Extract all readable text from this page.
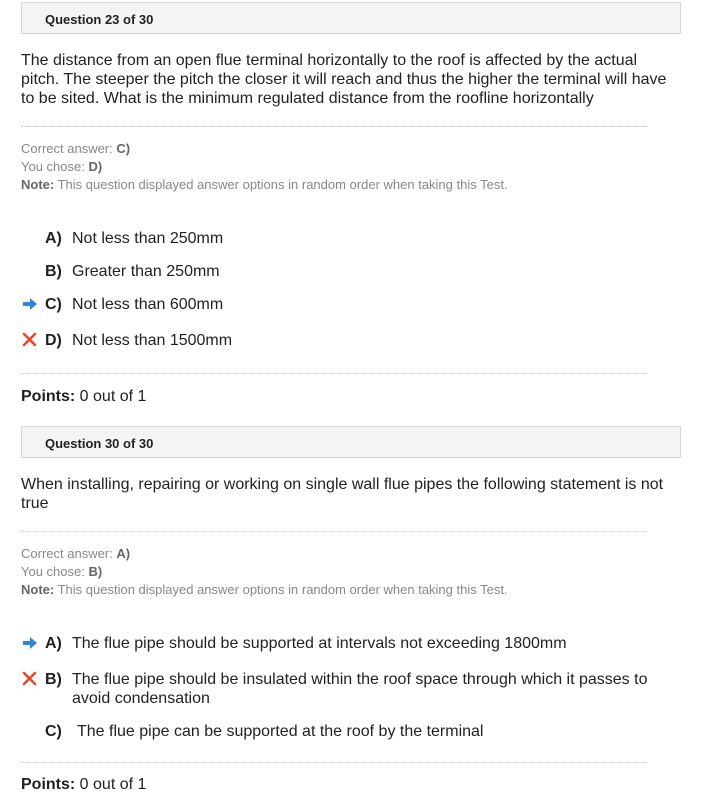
Question 23 of 30
The distance from an open flue terminal horizontally to the roof is affected by the actual pitch. The steeper the pitch the closer it will reach and thus the higher the terminal will have to be sited. What is the minimum regulated distance from the roofline horizontally
Correct answer: C)
You chose: D)
Note: This question displayed answer options in random order when taking this Test.
A) Not less than 250mm
B) Greater than 250mm
C) Not less than 600mm
D) Not less than 1500mm
Points: 0 out of 1
Question 30 of 30
When installing, repairing or working on single wall flue pipes the following statement is not true
Correct answer: A)
You chose: B)
Note: This question displayed answer options in random order when taking this Test.
A) The flue pipe should be supported at intervals not exceeding 1800mm
B) The flue pipe should be insulated within the roof space through which it passes to avoid condensation
C) The flue pipe can be supported at the roof by the terminal
Points: 0 out of 1
